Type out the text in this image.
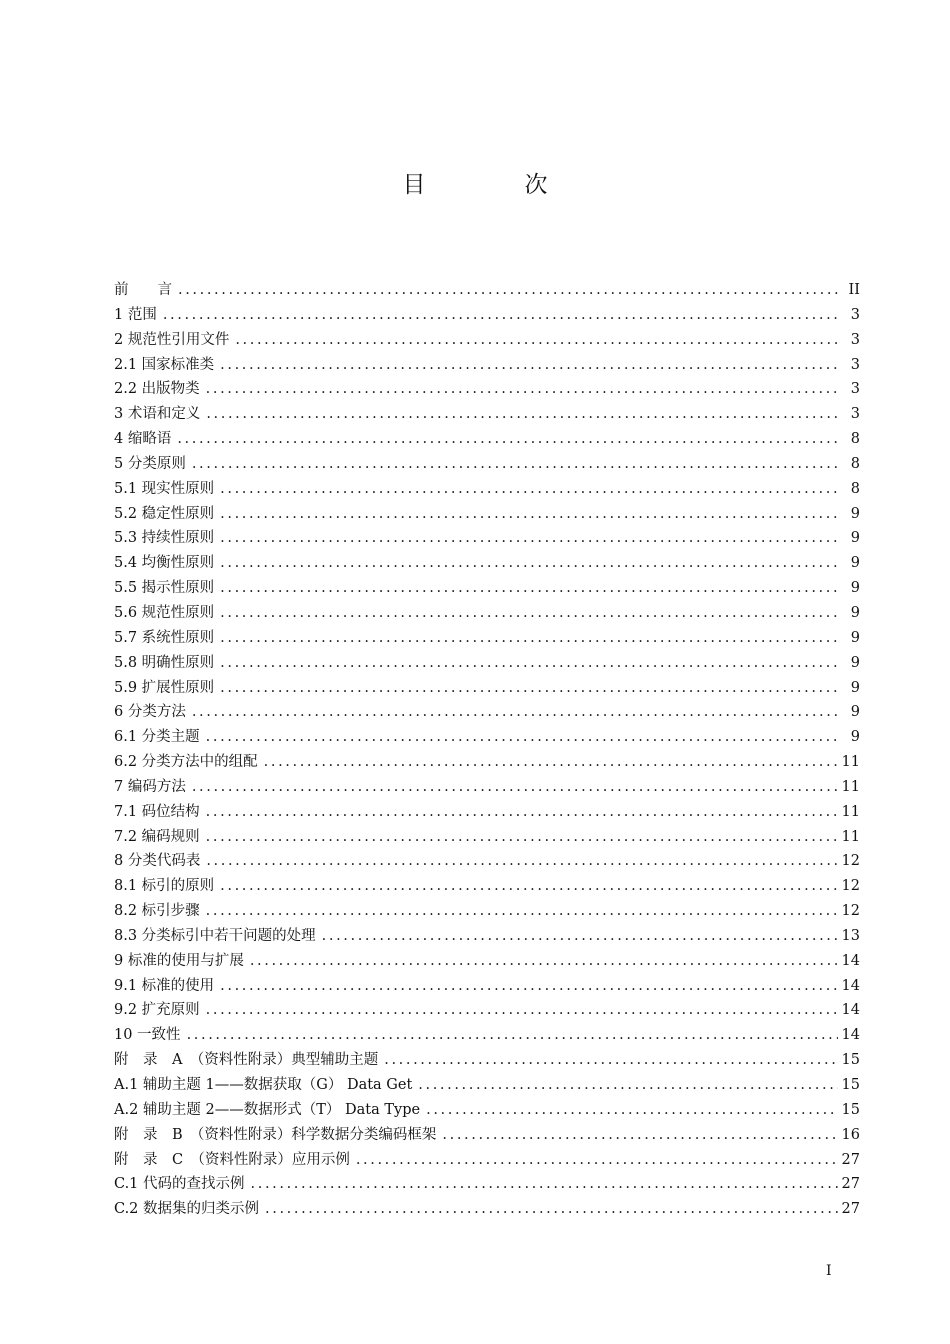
目　次
前　　言 .....	II
1 范围 .....	3
2 规范性引用文件 .....	3
2.1 国家标准类 .....	3
2.2 出版物类 .....	3
3 术语和定义 .....	3
4 缩略语 .....	8
5 分类原则 .....	8
5.1 现实性原则 .....	8
5.2 稳定性原则 .....	9
5.3 持续性原则 .....	9
5.4 均衡性原则 .....	9
5.5 揭示性原则 .....	9
5.6 规范性原则 .....	9
5.7 系统性原则 .....	9
5.8 明确性原则 .....	9
5.9 扩展性原则 .....	9
6 分类方法 .....	9
6.1 分类主题 .....	9
6.2 分类方法中的组配 .....	11
7 编码方法 .....	11
7.1 码位结构 .....	11
7.2 编码规则 .....	11
8 分类代码表 .....	12
8.1 标引的原则 .....	12
8.2 标引步骤 .....	12
8.3 分类标引中若干问题的处理 .....	13
9 标准的使用与扩展 .....	14
9.1 标准的使用 .....	14
9.2 扩充原则 .....	14
10 一致性 .....	14
附　录　A　（资料性附录）典型辅助主题 .....	15
A.1 辅助主题 1——数据获取（G） Data Get .....	15
A.2 辅助主题 2——数据形式（T） Data Type .....	15
附　录　B　（资料性附录）科学数据分类编码框架 .....	16
附　录　C　（资料性附录）应用示例 .....	27
C.1 代码的查找示例 .....	27
C.2 数据集的归类示例 .....	27
I
